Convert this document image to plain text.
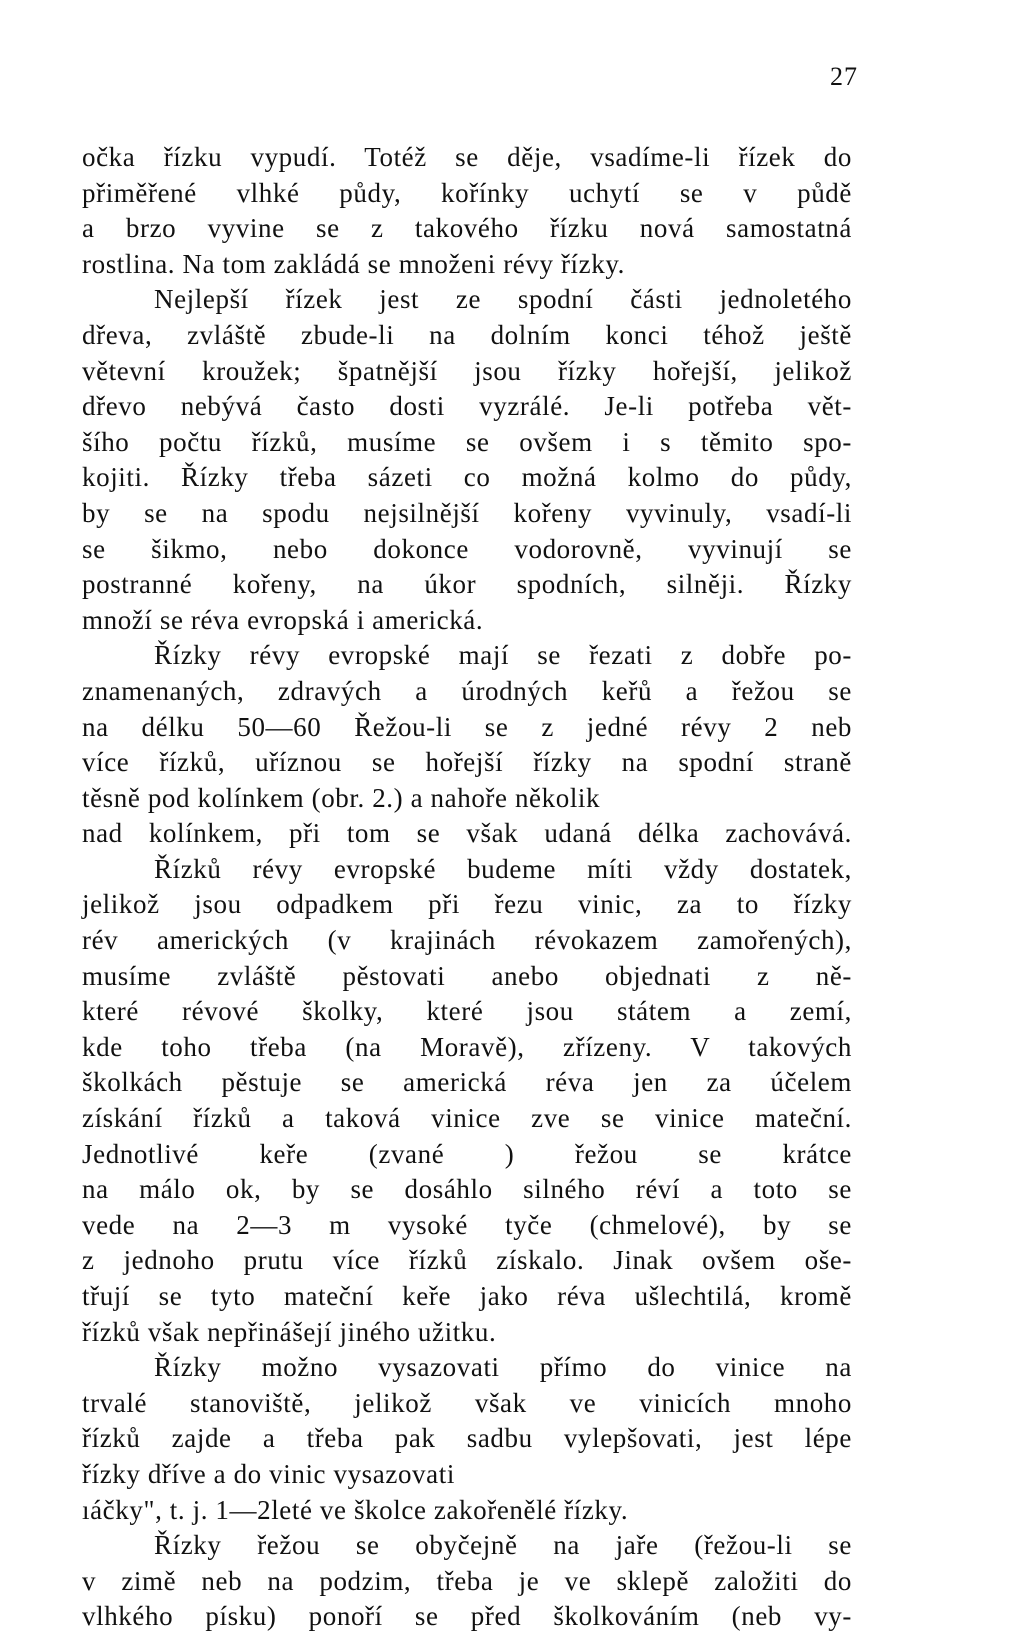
27
očka řízku vypudí. Totéž se děje, vsadíme-li řízek do
přiměřené vlhké půdy, kořínky uchytí se v půdě
a brzo vyvine se z takového řízku nová samostatná
rostlina. Na tom zakládá se množeni révy řízky.
Nejlepší řízek jest ze spodní části jednoletého
dřeva, zvláště zbude-li na dolním konci téhož ještě
větevní kroužek; špatnější jsou řízky hořejší, jelikož
dřevo nebývá často dosti vyzrálé. Je-li potřeba vět-
šího počtu řízků, musíme se ovšem i s těmito spo-
kojiti. Řízky třeba sázeti co možná kolmo do půdy,
by se na spodu nejsilnější kořeny vyvinuly, vsadí-li
se šikmo, nebo dokonce vodorovně, vyvinují se
postranné kořeny, na úkor spodních, silněji. Řízky
množí se réva evropská i americká.
Řízky révy evropské mají se řezati z dobře po-
znamenaných, zdravých a úrodných keřů a řežou se
na délku 50—60 Řežou-li se z jedné révy 2 neb
více řízků, uříznou se hořejší řízky na spodní straně
těsně pod kolínkem (obr. 2.) a nahoře několik
nad kolínkem, při tom se však udaná délka zachovává.
Řízků révy evropské budeme míti vždy dostatek,
jelikož jsou odpadkem při řezu vinic, za to řízky
rév amerických (v krajinách révokazem zamořených),
musíme zvláště pěstovati anebo objednati z ně-
které révové školky, které jsou státem a zemí,
kde toho třeba (na Moravě), zřízeny. V takových
školkách pěstuje se americká réva jen za účelem
získání řízků a taková vinice zve se vinice mateční.
Jednotlivé keře (zvané ) řežou se krátce
na málo ok, by se dosáhlo silného réví a toto se
vede na 2—3 m vysoké tyče (chmelové), by se
z jednoho prutu více řízků získalo. Jinak ovšem oše-
třují se tyto mateční keře jako réva ušlechtilá, kromě
řízků však nepřinášejí jiného užitku.
Řízky možno vysazovati přímo do vinice na
trvalé stanoviště, jelikož však ve vinicích mnoho
řízků zajde a třeba pak sadbu vylepšovati, jest lépe
řízky dříve a do vinic vysazovati
ıáčky", t. j. 1—2leté ve školce zakořenělé řízky.
Řízky řežou se obyčejně na jaře (řežou-li se
v zimě neb na podzim, třeba je ve sklepě založiti do
vlhkého písku) ponoří se před školkováním (neb vy-
